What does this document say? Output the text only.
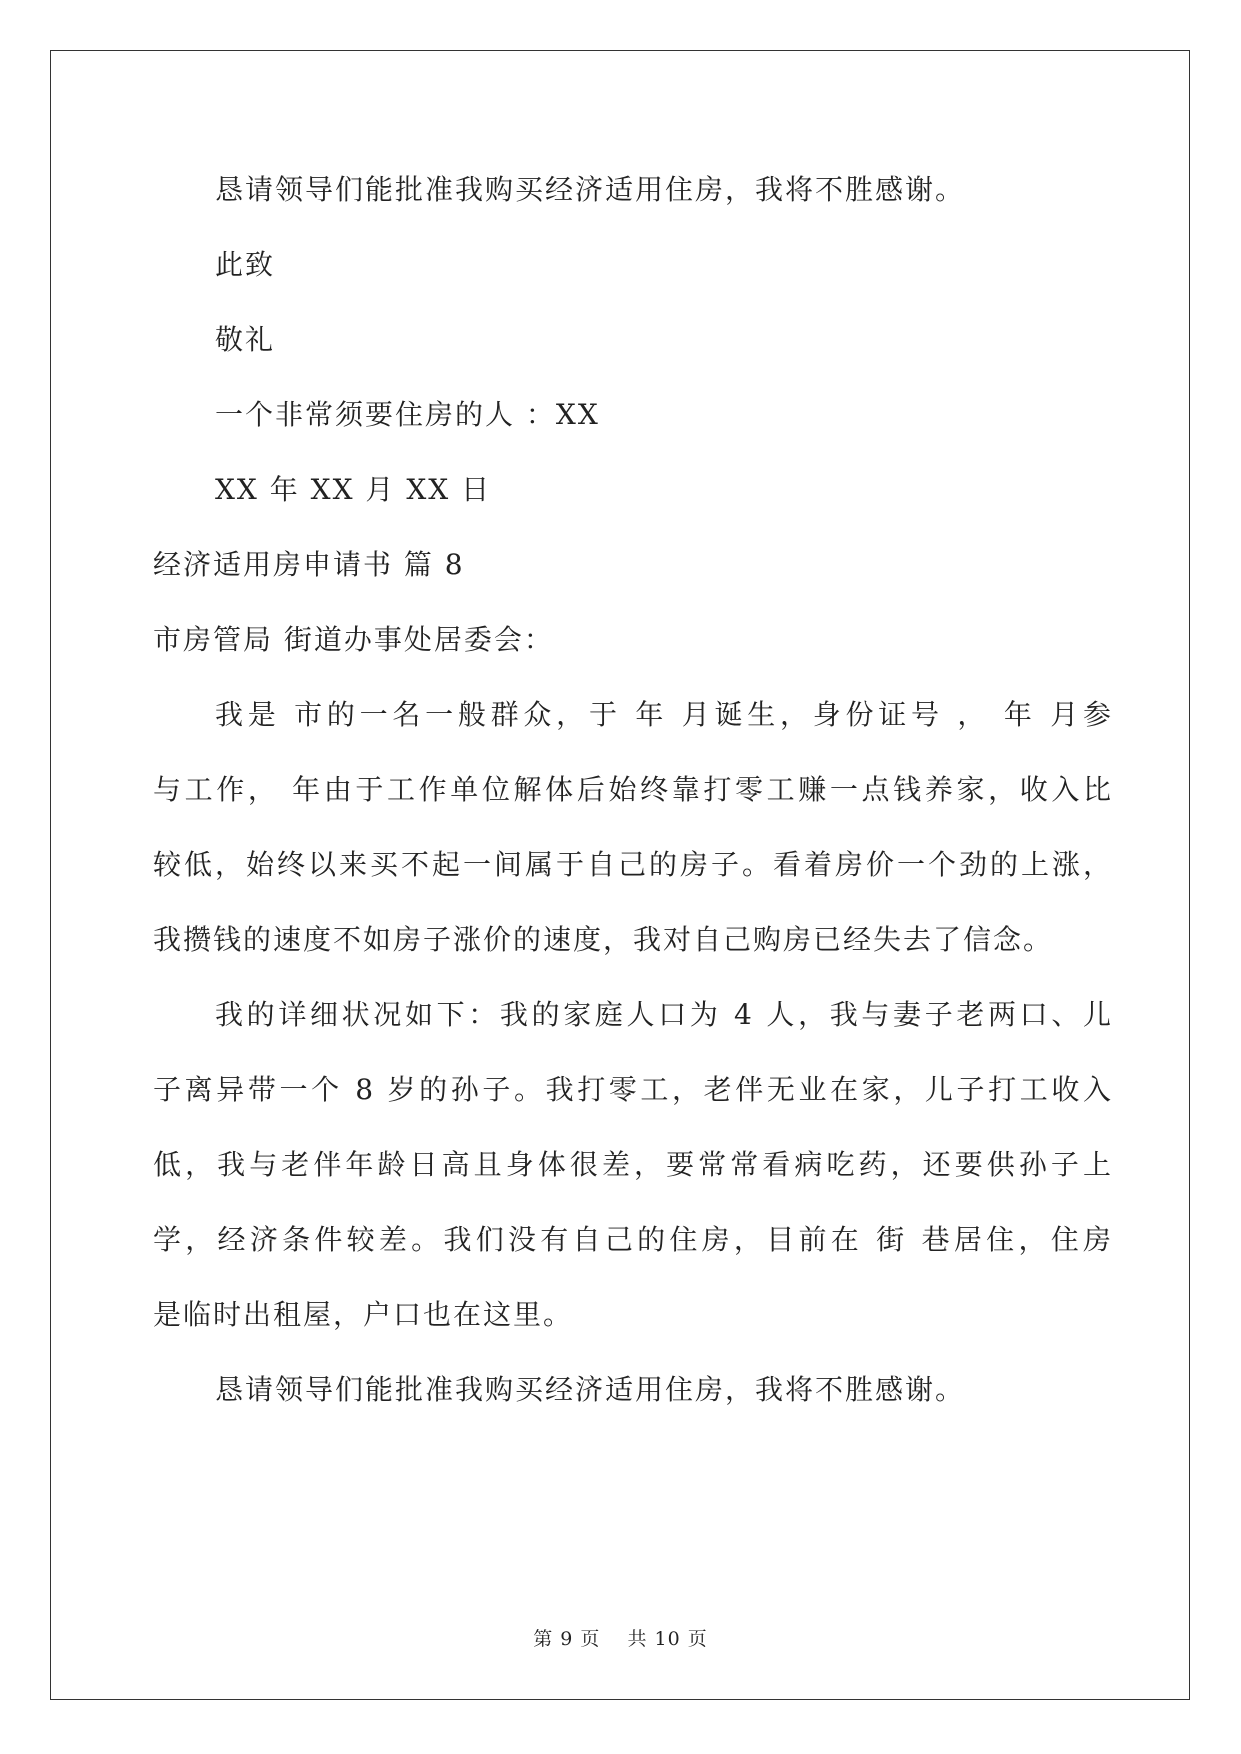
恳请领导们能批准我购买经济适用住房，我将不胜感谢。
此致
敬礼
一个非常须要住房的人 ：XX
XX 年 XX 月 XX 日
经济适用房申请书 篇 8
市房管局 街道办事处居委会：
我是 市的一名一般群众，于 年 月诞生，身份证号 ， 年 月参
与工作， 年由于工作单位解体后始终靠打零工赚一点钱养家，收入比
较低，始终以来买不起一间属于自己的房子。看着房价一个劲的上涨，
我攒钱的速度不如房子涨价的速度，我对自己购房已经失去了信念。
我的详细状况如下：我的家庭人口为 4 人，我与妻子老两口、儿
子离异带一个 8 岁的孙子。我打零工，老伴无业在家，儿子打工收入
低，我与老伴年龄日高且身体很差，要常常看病吃药，还要供孙子上
学，经济条件较差。我们没有自己的住房，目前在 街 巷居住，住房
是临时出租屋，户口也在这里。
恳请领导们能批准我购买经济适用住房，我将不胜感谢。
第 9 页　 共 10 页
